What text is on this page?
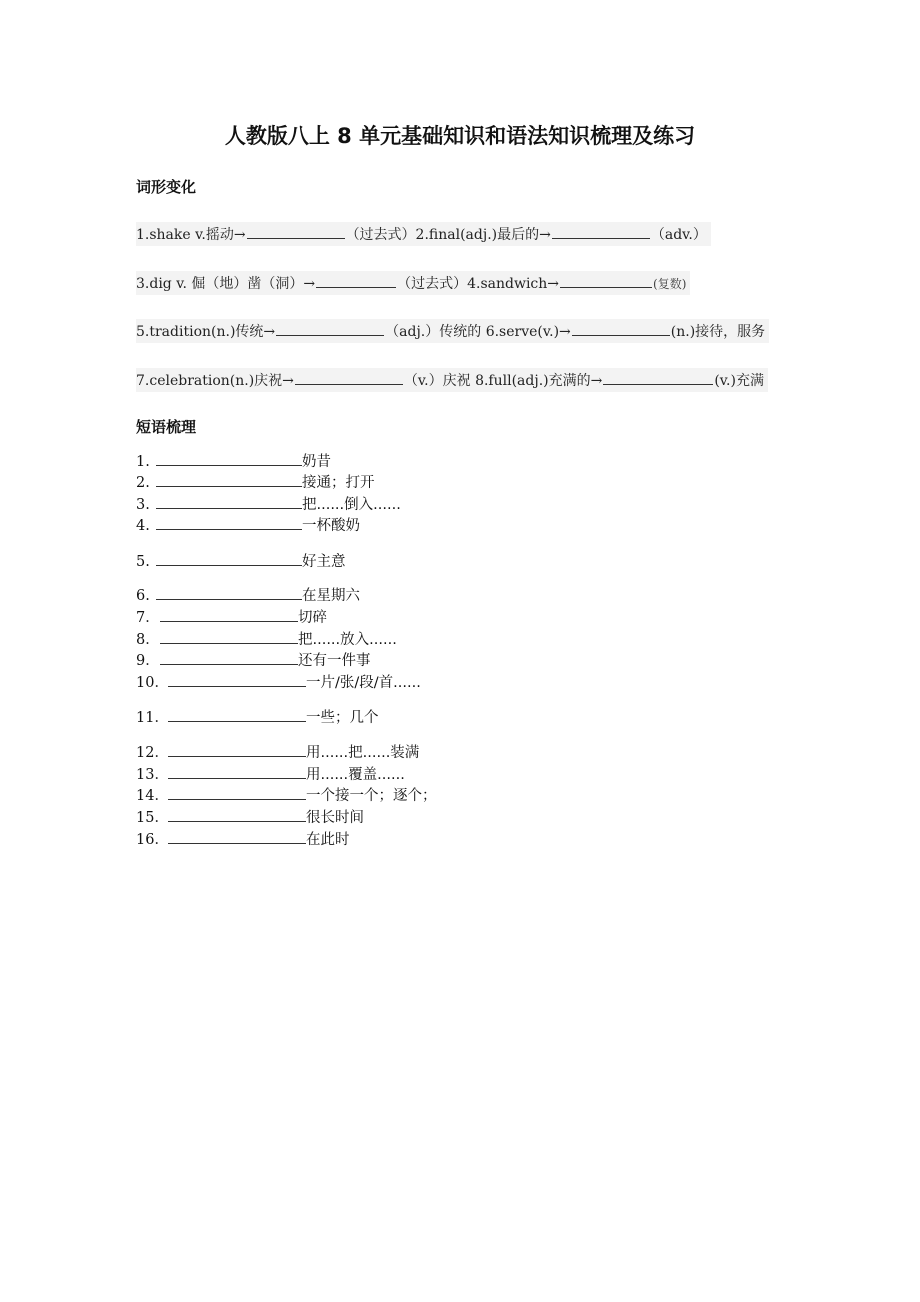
人教版八上 8 单元基础知识和语法知识梳理及练习
词形变化
1.shake v.摇动→	（过去式）2.final(adj.)最后的→	（adv.）
3.dig v. 倔（地）凿（洞）→	（过去式）4.sandwich→	(复数)
5.tradition(n.)传统→	（adj.）传统的 6.serve(v.)→	(n.)接待，服务
7.celebration(n.)庆祝→	（v.）庆祝 8.full(adj.)充满的→	(v.)充满
短语梳理
1.	奶昔
2.	接通；打开
3.	把......倒入......
4.	一杯酸奶
5.	好主意
6.	在星期六
7．	切碎
8．	把......放入......
9．	还有一件事
10．	一片/张/段/首......
11．	一些；几个
12．	用......把......装满
13．	用......覆盖......
14．	一个接一个；逐个；
15．	很长时间
16．	在此时
